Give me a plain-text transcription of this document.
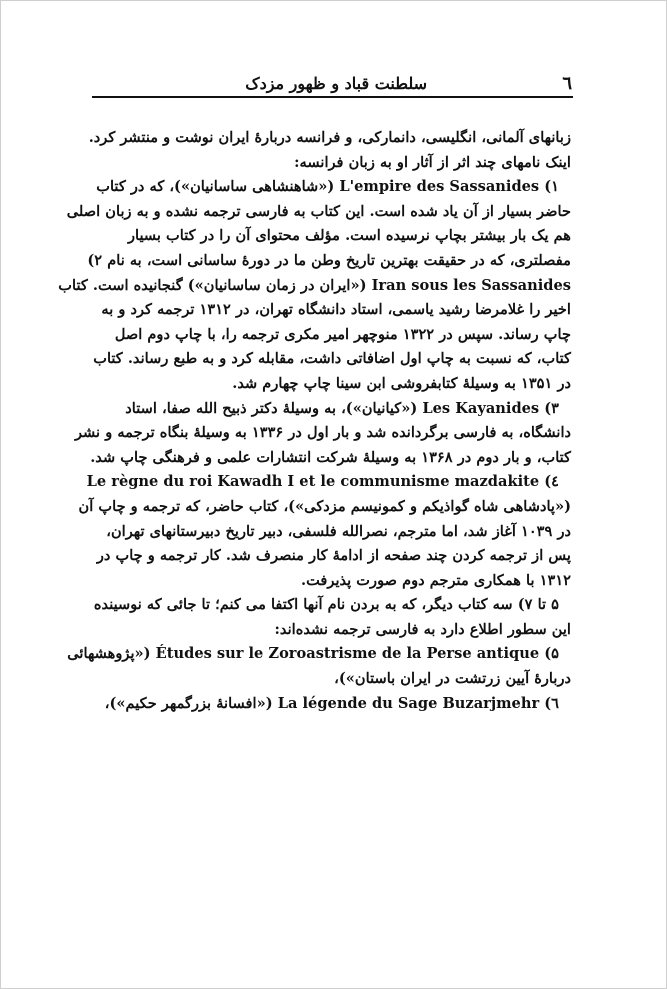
٦
سلطنت قباد و ظهور مزدک
زبانهای آلمانی، انگلیسی، دانمارکی، و فرانسه دربارهٔ ایران نوشت و منتشر کرد.
اینک نامهای چند اثر از آثار او به زبان فرانسه:
۱) L'empire des Sassanides («شاهنشاهی ساسانیان»)، که در کتاب
حاضر بسیار از آن یاد شده است. این کتاب به فارسی ترجمه نشده و به زبان اصلی
هم یک بار بیشتر بچاپ نرسیده است. مؤلف محتوای آن را در کتاب بسیار
مفصلتری، که در حقیقت بهترین تاریخ وطن ما در دورهٔ ساسانی است، به نام ۲)
Iran sous les Sassanides («ایران در زمان ساسانیان») گنجانیده است. کتاب
اخیر را غلامرضا رشید یاسمی، استاد دانشگاه تهران، در ۱۳۱۲ ترجمه کرد و به
چاپ رساند. سپس در ۱۳۲۲ منوچهر امیر مکری ترجمه را، با چاپ دوم اصل
کتاب، که نسبت به چاپ اول اضافاتی داشت، مقابله کرد و به طبع رساند. کتاب
در ۱۳۵۱ به وسیلهٔ کتابفروشی ابن سینا چاپ چهارم شد.
۳) Les Kayanides («کیانیان»)، به وسیلهٔ دکتر ذبیح الله صفا، استاد
دانشگاه، به فارسی برگردانده شد و بار اول در ۱۳۳۶ به وسیلهٔ بنگاه ترجمه و نشر
کتاب، و بار دوم در ۱۳۶۸ به وسیلهٔ شرکت انتشارات علمی و فرهنگی چاپ شد.
٤) Le règne du roi Kawadh I et le communisme mazdakite
(«پادشاهی شاه گواذیکم و کمونیسم مزدکی»)، کتاب حاضر، که ترجمه و چاپ آن
در ۱۰۳۹ آغاز شد، اما مترجم، نصرالله فلسفی، دبیر تاریخ دبیرستانهای تهران،
پس از ترجمه کردن چند صفحه از ادامهٔ کار منصرف شد. کار ترجمه و چاپ در
۱۳۱۲ با همکاری مترجم دوم صورت پذیرفت.
۵ تا ۷) سه کتاب دیگر، که به بردن نام آنها اکتفا می کنم؛ تا جائی که نوسینده
این سطور اطلاع دارد به فارسی ترجمه نشده‌اند:
۵) Études sur le Zoroastrisme de la Perse antique («پژوهشهائی
دربارهٔ آیین زرتشت در ایران باستان»)،
٦) La légende du Sage Buzarjmehr («افسانهٔ بزرگمهر حکیم»)،
